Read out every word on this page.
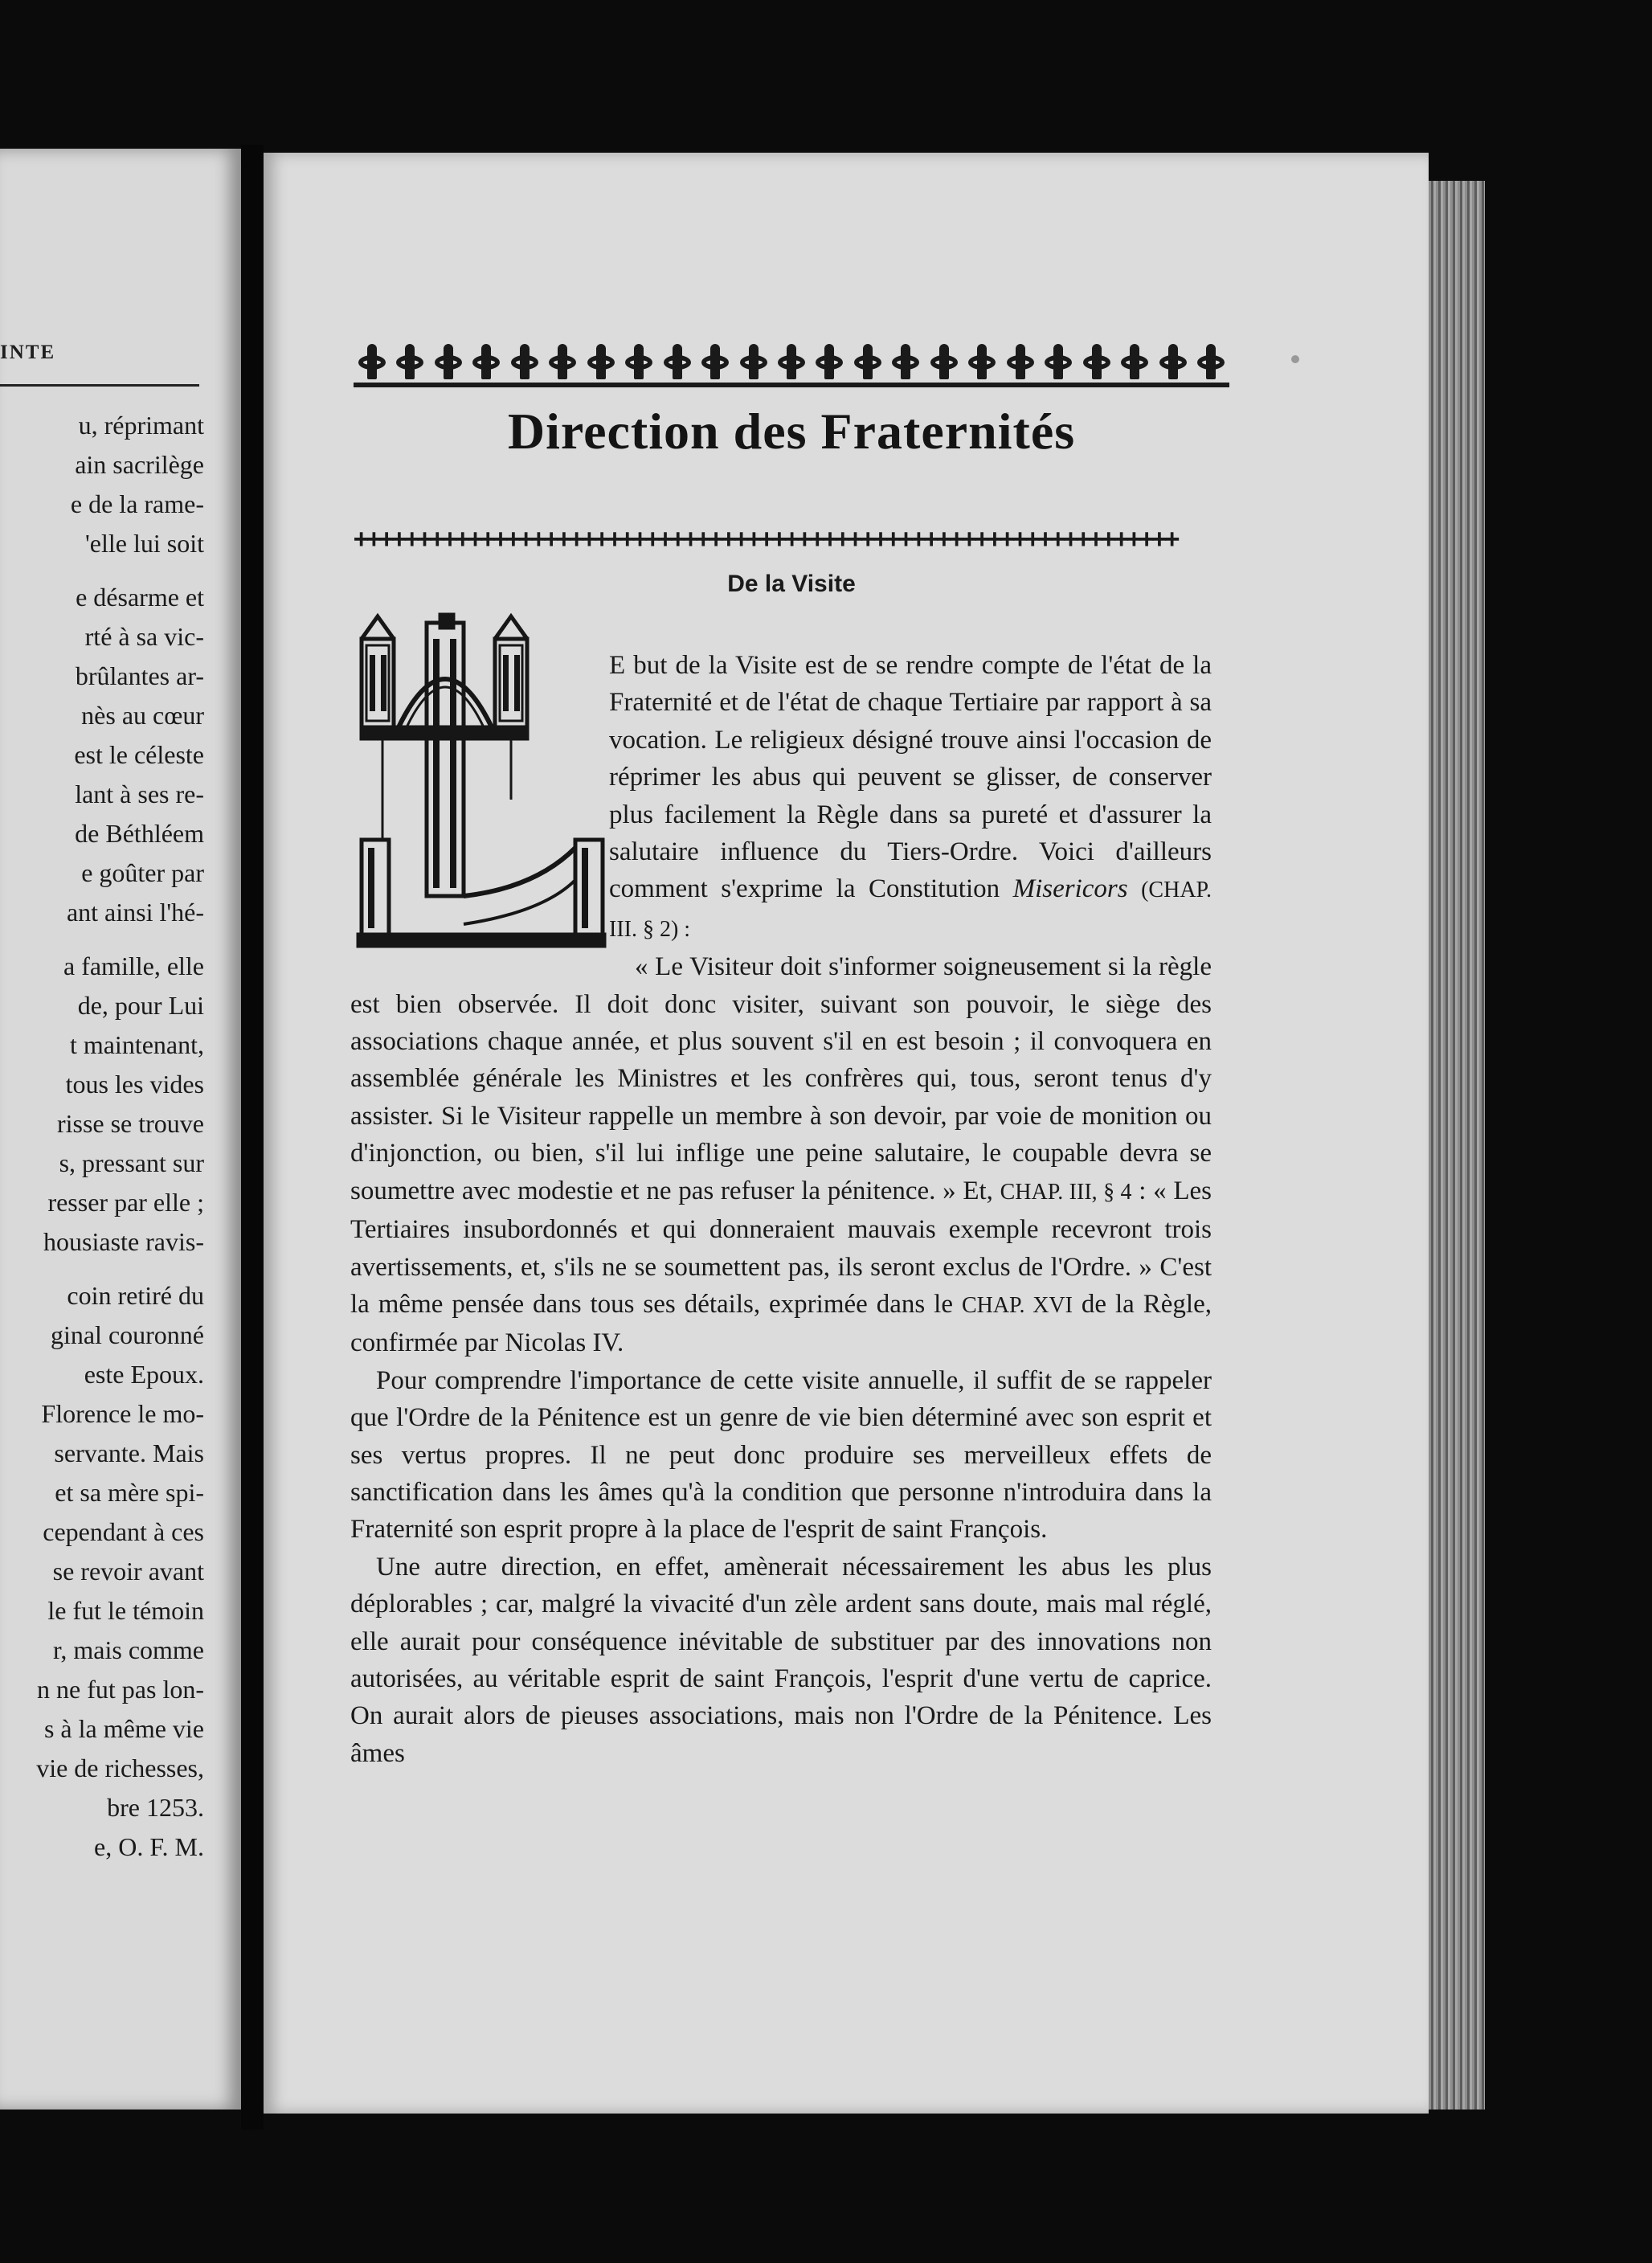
INTE
u, réprimant
ain sacrilège
e de la rame-
'elle lui soit
e désarme et
rté à sa vic-
brûlantes ar-
nès au cœur
est le céleste
lant à ses re-
de Béthléem
e goûter par
ant ainsi l'hé-
a famille, elle
de, pour Lui
t maintenant,
tous les vides
risse se trouve
s, pressant sur
resser par elle ;
housiaste ravis-
coin retiré du
ginal couronné
este Epoux.
Florence le mo-
servante. Mais
et sa mère spi-
cependant à ces
se revoir avant
le fut le témoin
r, mais comme
n ne fut pas lon-
s à la même vie
vie de richesses,
bre 1253.
e, O. F. M.
Direction des Fraternités
+++++++++++++++++++++++++++++++++++++++++++++++++++++++++++++++++
De la Visite

E but de la Visite est de se rendre compte de l'état de la Fraternité et de l'état de chaque Tertiaire par rapport à sa vocation. Le religieux désigné trouve ainsi l'occasion de réprimer les abus qui peuvent se glisser, de conserver plus facilement la Règle dans sa pureté et d'assurer la salutaire influence du Tiers-Ordre. Voici d'ailleurs comment s'exprime la Constitution Misericors (CHAP. III. § 2) :

« Le Visiteur doit s'informer soigneusement si la règle est bien observée. Il doit donc visiter, suivant son pouvoir, le siège des associations chaque année, et plus souvent s'il en est besoin ; il convoquera en assemblée générale les Ministres et les confrères qui, tous, seront tenus d'y assister. Si le Visiteur rappelle un membre à son devoir, par voie de monition ou d'injonction, ou bien, s'il lui inflige une peine salutaire, le coupable devra se soumettre avec modestie et ne pas refuser la pénitence. » Et, CHAP. III, § 4 : « Les Tertiaires insubordonnés et qui donneraient mauvais exemple recevront trois avertissements, et, s'ils ne se soumettent pas, ils seront exclus de l'Ordre. » C'est la même pensée dans tous ses détails, exprimée dans le CHAP. XVI de la Règle, confirmée par Nicolas IV.

Pour comprendre l'importance de cette visite annuelle, il suffit de se rappeler que l'Ordre de la Pénitence est un genre de vie bien déterminé avec son esprit et ses vertus propres. Il ne peut donc produire ses merveilleux effets de sanctification dans les âmes qu'à la condition que personne n'introduira dans la Fraternité son esprit propre à la place de l'esprit de saint François.

Une autre direction, en effet, amènerait nécessairement les abus les plus déplorables ; car, malgré la vivacité d'un zèle ardent sans doute, mais mal réglé, elle aurait pour conséquence inévitable de substituer par des innovations non autorisées, au véritable esprit de saint François, l'esprit d'une vertu de caprice. On aurait alors de pieuses associations, mais non l'Ordre de la Pénitence. Les âmes
